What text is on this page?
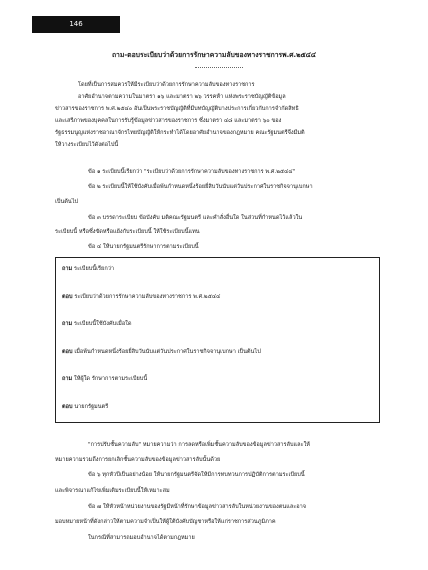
146
ถาม-ตอบระเบียบว่าด้วยการรักษาความลับของทางราชการพ.ศ.๒๕๔๔
โดยที่เป็นการสมควรให้มีระเบียบว่าด้วยการรักษาความลับของทางราชการ
อาศัยอำนาจตามความในมาตรา ๑๖ และมาตรา ๒๖ วรรคห้า แห่งพระราชบัญญัติข้อมูล
ข่าวสารของราชการ พ.ศ.๒๕๔๐ อันเป็นพระราชบัญญัติที่มีบทบัญญัติบางประการเกี่ยวกับการจำกัดสิทธิ
และเสรีภาพของบุคคลในการรับรู้ข้อมูลข่าวสารของราชการ ซึ่งมาตรา ๔๘ และมาตรา ๖๐ ของ
รัฐธรรมนูญแห่งราชอาณาจักรไทยบัญญัติให้กระทำได้โดยอาศัยอำนาจของกฎหมาย คณะรัฐมนตรีจึงมีมติ
ให้วางระเบียบไว้ดังต่อไปนี้
ข้อ ๑ ระเบียบนี้เรียกว่า "ระเบียบว่าด้วยการรักษาความลับของทางราชการ พ.ศ.๒๕๔๔"
ข้อ ๒ ระเบียบนี้ให้ใช้บังคับเมื่อพ้นกำหนดหนึ่งร้อยยี่สิบวันนับแต่วันประกาศในราชกิจจานุเบกษา
เป็นต้นไป
ข้อ ๓ บรรดาระเบียบ ข้อบังคับ มติคณะรัฐมนตรี และคำสั่งอื่นใด ในส่วนที่กำหนดไว้แล้วใน
ระเบียบนี้ หรือซึ่งขัดหรือแย้งกับระเบียบนี้ ให้ใช้ระเบียบนี้แทน
ข้อ ๔ ให้นายกรัฐมนตรีรักษาการตามระเบียบนี้
ถาม ระเบียบนี้เรียกว่า
ตอบ ระเบียบว่าด้วยการรักษาความลับของทางราชการ พ.ศ.๒๕๔๔
ถาม ระเบียบนี้ใช้บังคับเมื่อใด
ตอบ เมื่อพ้นกำหนดหนึ่งร้อยยี่สิบวันนับแต่วันประกาศในราชกิจจานุเบกษา เป็นต้นไป
ถาม ให้ผู้ใด รักษาการตามระเบียบนี้
ตอบ นายกรัฐมนตรี
"การปรับชั้นความลับ" หมายความว่า การลดหรือเพิ่มชั้นความลับของข้อมูลข่าวสารลับและให้
หมายความรวมถึงการยกเลิกชั้นความลับของข้อมูลข่าวสารลับนั้นด้วย
ข้อ ๖ ทุกหัวปีเป็นอย่างน้อย ให้นายกรัฐมนตรีจัดให้มีการทบทวนการปฏิบัติการตามระเบียบนี้
และพิจารณาแก้ไขเพิ่มเติมระเบียบนี้ให้เหมาะสม
ข้อ ๗ ให้หัวหน้าหน่วยงานของรัฐมีหน้าที่รักษาข้อมูลข่าวสารลับในหน่วยงานของตนและอาจ
มอบหมายหน้าที่ดังกล่าวให้ตามความจำเป็นให้ผู้ใต้บังคับบัญชาหรือให้แก่ราชการส่วนภูมิภาค
ในกรณีที่สามารถมอบอำนาจได้ตามกฎหมาย
